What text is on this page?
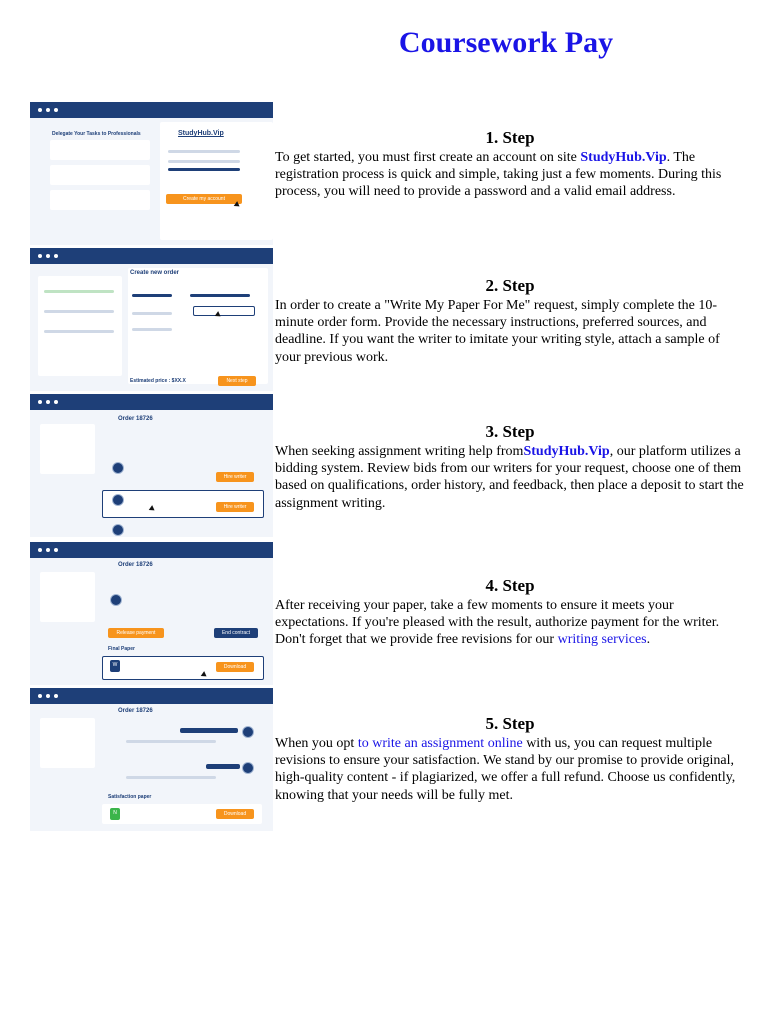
Coursework Pay
Delegate Your Tasks to Professionals	StudyHub.Vip
Create my account
1. Step
To get started, you must first create an account on site StudyHub.Vip. The registration process is quick and simple, taking just a few moments. During this process, you will need to provide a password and a valid email address.
Create new order
Estimated price : $XX.X	Next step
2. Step
In order to create a "Write My Paper For Me" request, simply complete the 10-minute order form. Provide the necessary instructions, preferred sources, and deadline. If you want the writer to imitate your writing style, attach a sample of your previous work.
Order 18726
Hire writer
Hire writer
3. Step
When seeking assignment writing help fromStudyHub.Vip, our platform utilizes a bidding system. Review bids from our writers for your request, choose one of them based on qualifications, order history, and feedback, then place a deposit to start the assignment writing.
Order 18726
Release payment	End contract
Final Paper
W	Download
4. Step
After receiving your paper, take a few moments to ensure it meets your expectations. If you're pleased with the result, authorize payment for the writer. Don't forget that we provide free revisions for our writing services.
Order 18726
Satisfaction paper
N	Download
5. Step
When you opt to write an assignment online with us, you can request multiple revisions to ensure your satisfaction. We stand by our promise to provide original, high-quality content - if plagiarized, we offer a full refund. Choose us confidently, knowing that your needs will be fully met.
